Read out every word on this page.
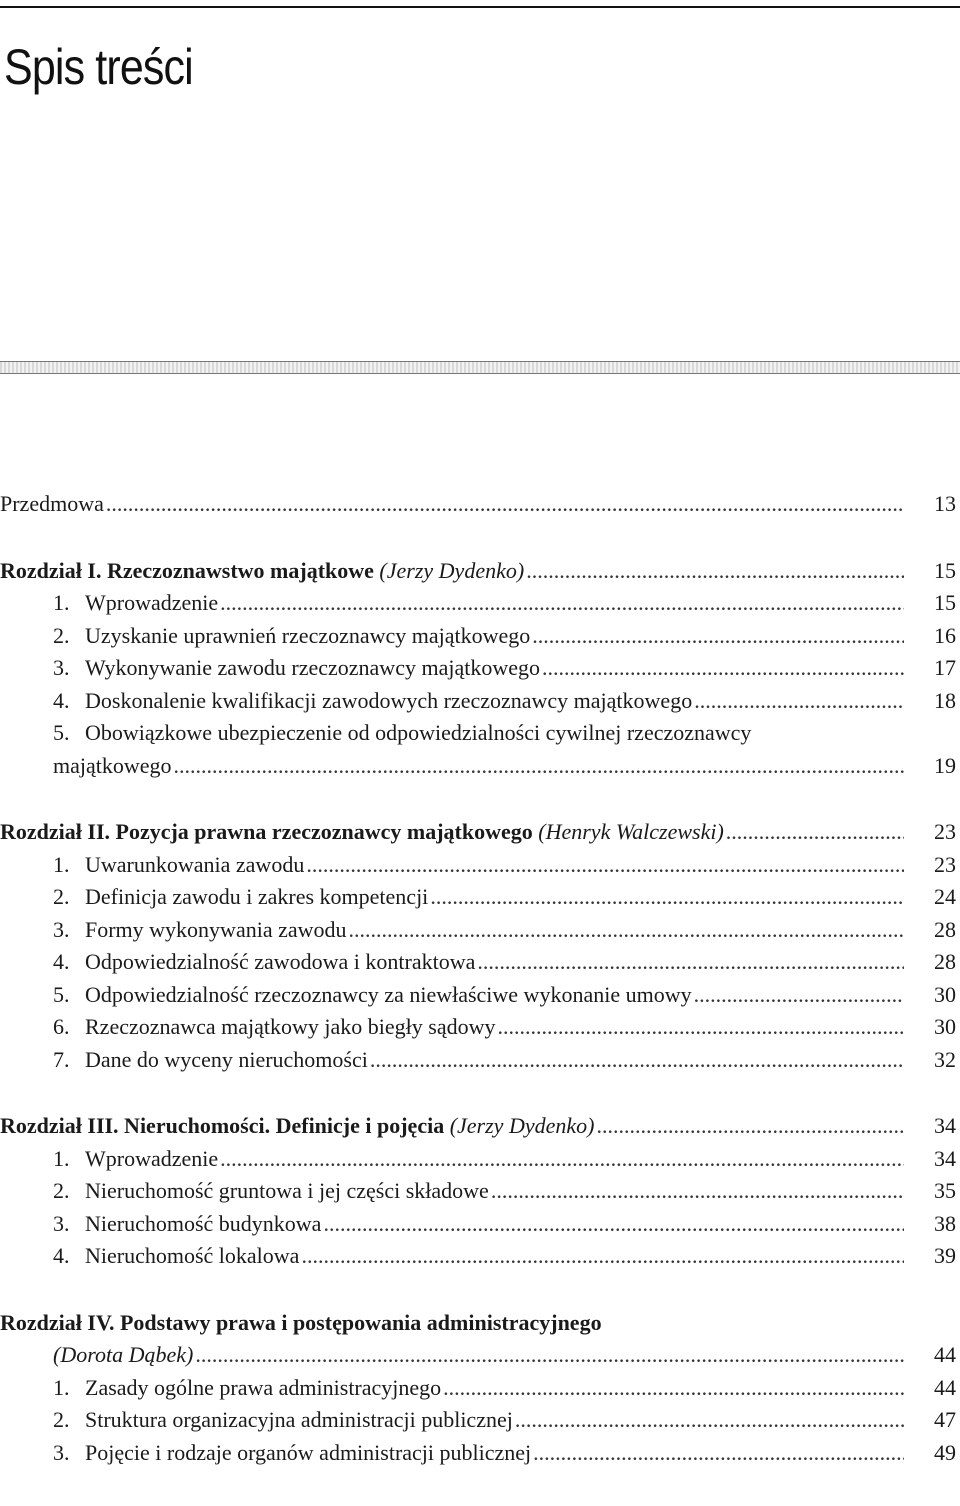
Spis treści
Przedmowa .....	13
Rozdział I. Rzeczoznawstwo majątkowe (Jerzy Dydenko) .....	15
1. Wprowadzenie .....	15
2. Uzyskanie uprawnień rzeczoznawcy majątkowego .....	16
3. Wykonywanie zawodu rzeczoznawcy majątkowego .....	17
4. Doskonalenie kwalifikacji zawodowych rzeczoznawcy majątkowego .....	18
5. Obowiązkowe ubezpieczenie od odpowiedzialności cywilnej rzeczoznawcy
majątkowego .....	19
Rozdział II. Pozycja prawna rzeczoznawcy majątkowego (Henryk Walczewski) .....	23
1. Uwarunkowania zawodu .....	23
2. Definicja zawodu i zakres kompetencji .....	24
3. Formy wykonywania zawodu .....	28
4. Odpowiedzialność zawodowa i kontraktowa .....	28
5. Odpowiedzialność rzeczoznawcy za niewłaściwe wykonanie umowy .....	30
6. Rzeczoznawca majątkowy jako biegły sądowy .....	30
7. Dane do wyceny nieruchomości .....	32
Rozdział III. Nieruchomości. Definicje i pojęcia (Jerzy Dydenko) .....	34
1. Wprowadzenie .....	34
2. Nieruchomość gruntowa i jej części składowe .....	35
3. Nieruchomość budynkowa .....	38
4. Nieruchomość lokalowa .....	39
Rozdział IV. Podstawy prawa i postępowania administracyjnego
(Dorota Dąbek) .....	44
1. Zasady ogólne prawa administracyjnego .....	44
2. Struktura organizacyjna administracji publicznej .....	47
3. Pojęcie i rodzaje organów administracji publicznej .....	49
